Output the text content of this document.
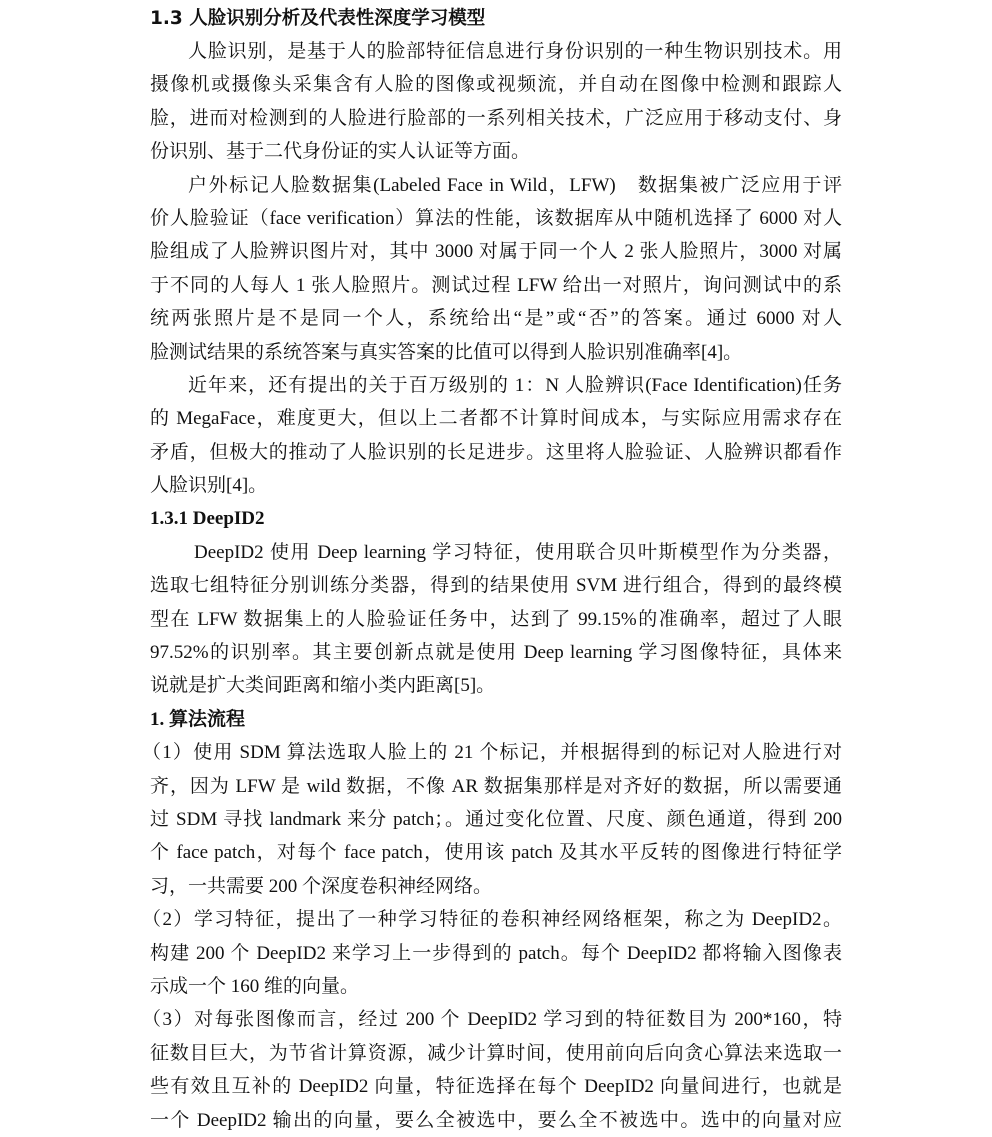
1.3 人脸识别分析及代表性深度学习模型
人脸识别，是基于人的脸部特征信息进行身份识别的一种生物识别技术。用
摄像机或摄像头采集含有人脸的图像或视频流，并自动在图像中检测和跟踪人
脸，进而对检测到的人脸进行脸部的一系列相关技术，广泛应用于移动支付、身
份识别、基于二代身份证的实人认证等方面。
户外标记人脸数据集(Labeled Face in Wild，LFW)　数据集被广泛应用于评
价人脸验证（face verification）算法的性能，该数据库从中随机选择了 6000 对人
脸组成了人脸辨识图片对，其中 3000 对属于同一个人 2 张人脸照片，3000 对属
于不同的人每人 1 张人脸照片。测试过程 LFW 给出一对照片，询问测试中的系
统两张照片是不是同一个人，系统给出“是”或“否”的答案。通过 6000 对人
脸测试结果的系统答案与真实答案的比值可以得到人脸识别准确率[4]。
近年来，还有提出的关于百万级别的 1：N 人脸辨识(Face Identification)任务
的 MegaFace，难度更大，但以上二者都不计算时间成本，与实际应用需求存在
矛盾，但极大的推动了人脸识别的长足进步。这里将人脸验证、人脸辨识都看作
人脸识别[4]。
1.3.1 DeepID2
DeepID2 使用 Deep learning 学习特征，使用联合贝叶斯模型作为分类器，
选取七组特征分别训练分类器，得到的结果使用 SVM 进行组合，得到的最终模
型在 LFW 数据集上的人脸验证任务中，达到了 99.15%的准确率，超过了人眼
97.52%的识别率。其主要创新点就是使用 Deep learning 学习图像特征，具体来
说就是扩大类间距离和缩小类内距离[5]。
1. 算法流程
（1）使用 SDM 算法选取人脸上的 21 个标记，并根据得到的标记对人脸进行对
齐，因为 LFW 是 wild 数据，不像 AR 数据集那样是对齐好的数据，所以需要通
过 SDM 寻找 landmark 来分 patch；。通过变化位置、尺度、颜色通道，得到 200
个 face patch，对每个 face patch，使用该 patch 及其水平反转的图像进行特征学
习，一共需要 200 个深度卷积神经网络。
（2）学习特征，提出了一种学习特征的卷积神经网络框架，称之为 DeepID2。
构建 200 个 DeepID2 来学习上一步得到的 patch。每个 DeepID2 都将输入图像表
示成一个 160 维的向量。
（3）对每张图像而言，经过 200 个 DeepID2 学习到的特征数目为 200*160，特
征数目巨大，为节省计算资源，减少计算时间，使用前向后向贪心算法来选取一
些有效且互补的 DeepID2 向量，特征选择在每个 DeepID2 向量间进行，也就是
一个 DeepID2 输出的向量，要么全被选中，要么全不被选中。选中的向量对应
